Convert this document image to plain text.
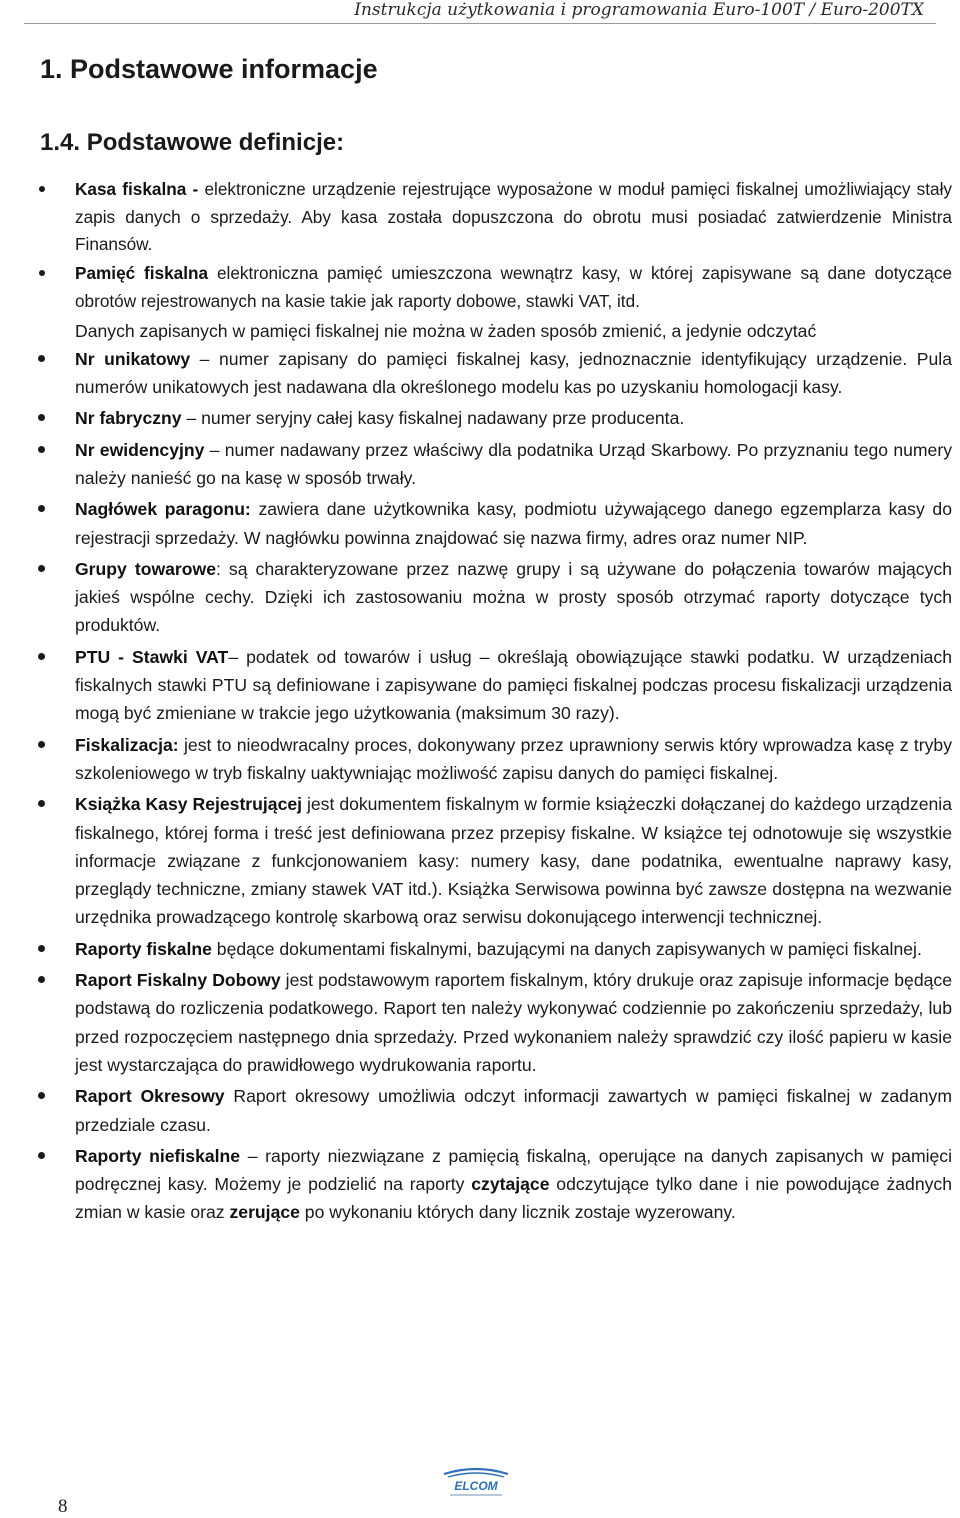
Instrukcja użytkowania i programowania Euro-100T / Euro-200TX
1. Podstawowe informacje
1.4. Podstawowe definicje:
Kasa fiskalna - elektroniczne urządzenie rejestrujące wyposażone w moduł pamięci fiskalnej umożliwiający stały zapis danych o sprzedaży. Aby kasa została dopuszczona do obrotu musi posiadać zatwierdzenie Ministra Finansów.
Pamięć fiskalna elektroniczna pamięć umieszczona wewnątrz kasy, w której zapisywane są dane dotyczące obrotów rejestrowanych na kasie takie jak raporty dobowe, stawki VAT, itd.
Danych zapisanych w pamięci fiskalnej nie można w żaden sposób zmienić, a jedynie odczytać
Nr unikatowy – numer zapisany do pamięci fiskalnej kasy, jednoznacznie identyfikujący urządzenie. Pula numerów unikatowych jest nadawana dla określonego modelu kas po uzyskaniu homologacji kasy.
Nr fabryczny – numer seryjny całej kasy fiskalnej nadawany prze producenta.
Nr ewidencyjny – numer nadawany przez właściwy dla podatnika Urząd Skarbowy. Po przyznaniu tego numery należy nanieść go na kasę w sposób trwały.
Nagłówek paragonu: zawiera dane użytkownika kasy, podmiotu używającego danego egzemplarza kasy do rejestracji sprzedaży. W nagłówku powinna znajdować się nazwa firmy, adres oraz numer NIP.
Grupy towarowe: są charakteryzowane przez nazwę grupy i są używane do połączenia towarów mających jakieś wspólne cechy. Dzięki ich zastosowaniu można w prosty sposób otrzymać raporty dotyczące tych produktów.
PTU - Stawki VAT– podatek od towarów i usług – określają obowiązujące stawki podatku. W urządzeniach fiskalnych stawki PTU są definiowane i zapisywane do pamięci fiskalnej podczas procesu fiskalizacji urządzenia mogą być zmieniane w trakcie jego użytkowania (maksimum 30 razy).
Fiskalizacja: jest to nieodwracalny proces, dokonywany przez uprawniony serwis który wprowadza kasę z tryby szkoleniowego w tryb fiskalny uaktywniając możliwość zapisu danych do pamięci fiskalnej.
Książka Kasy Rejestrującej jest dokumentem fiskalnym w formie książeczki dołączanej do każdego urządzenia fiskalnego, której forma i treść jest definiowana przez przepisy fiskalne. W książce tej odnotowuje się wszystkie informacje związane z funkcjonowaniem kasy: numery kasy, dane podatnika, ewentualne naprawy kasy, przeglądy techniczne, zmiany stawek VAT itd.). Książka Serwisowa powinna być zawsze dostępna na wezwanie urzędnika prowadzącego kontrolę skarbową oraz serwisu dokonującego interwencji technicznej.
Raporty fiskalne będące dokumentami fiskalnymi, bazującymi na danych zapisywanych w pamięci fiskalnej.
Raport Fiskalny Dobowy jest podstawowym raportem fiskalnym, który drukuje oraz zapisuje informacje będące podstawą do rozliczenia podatkowego. Raport ten należy wykonywać codziennie po zakończeniu sprzedaży, lub przed rozpoczęciem następnego dnia sprzedaży. Przed wykonaniem należy sprawdzić czy ilość papieru w kasie jest wystarczająca do prawidłowego wydrukowania raportu.
Raport Okresowy Raport okresowy umożliwia odczyt informacji zawartych w pamięci fiskalnej w zadanym przedziale czasu.
Raporty niefiskalne – raporty niezwiązane z pamięcią fiskalną, operujące na danych zapisanych w pamięci podręcznej kasy. Możemy je podzielić na raporty czytające odczytujące tylko dane i nie powodujące żadnych zmian w kasie oraz zerujące po wykonaniu których dany licznik zostaje wyzerowany.
ELCOM
8
